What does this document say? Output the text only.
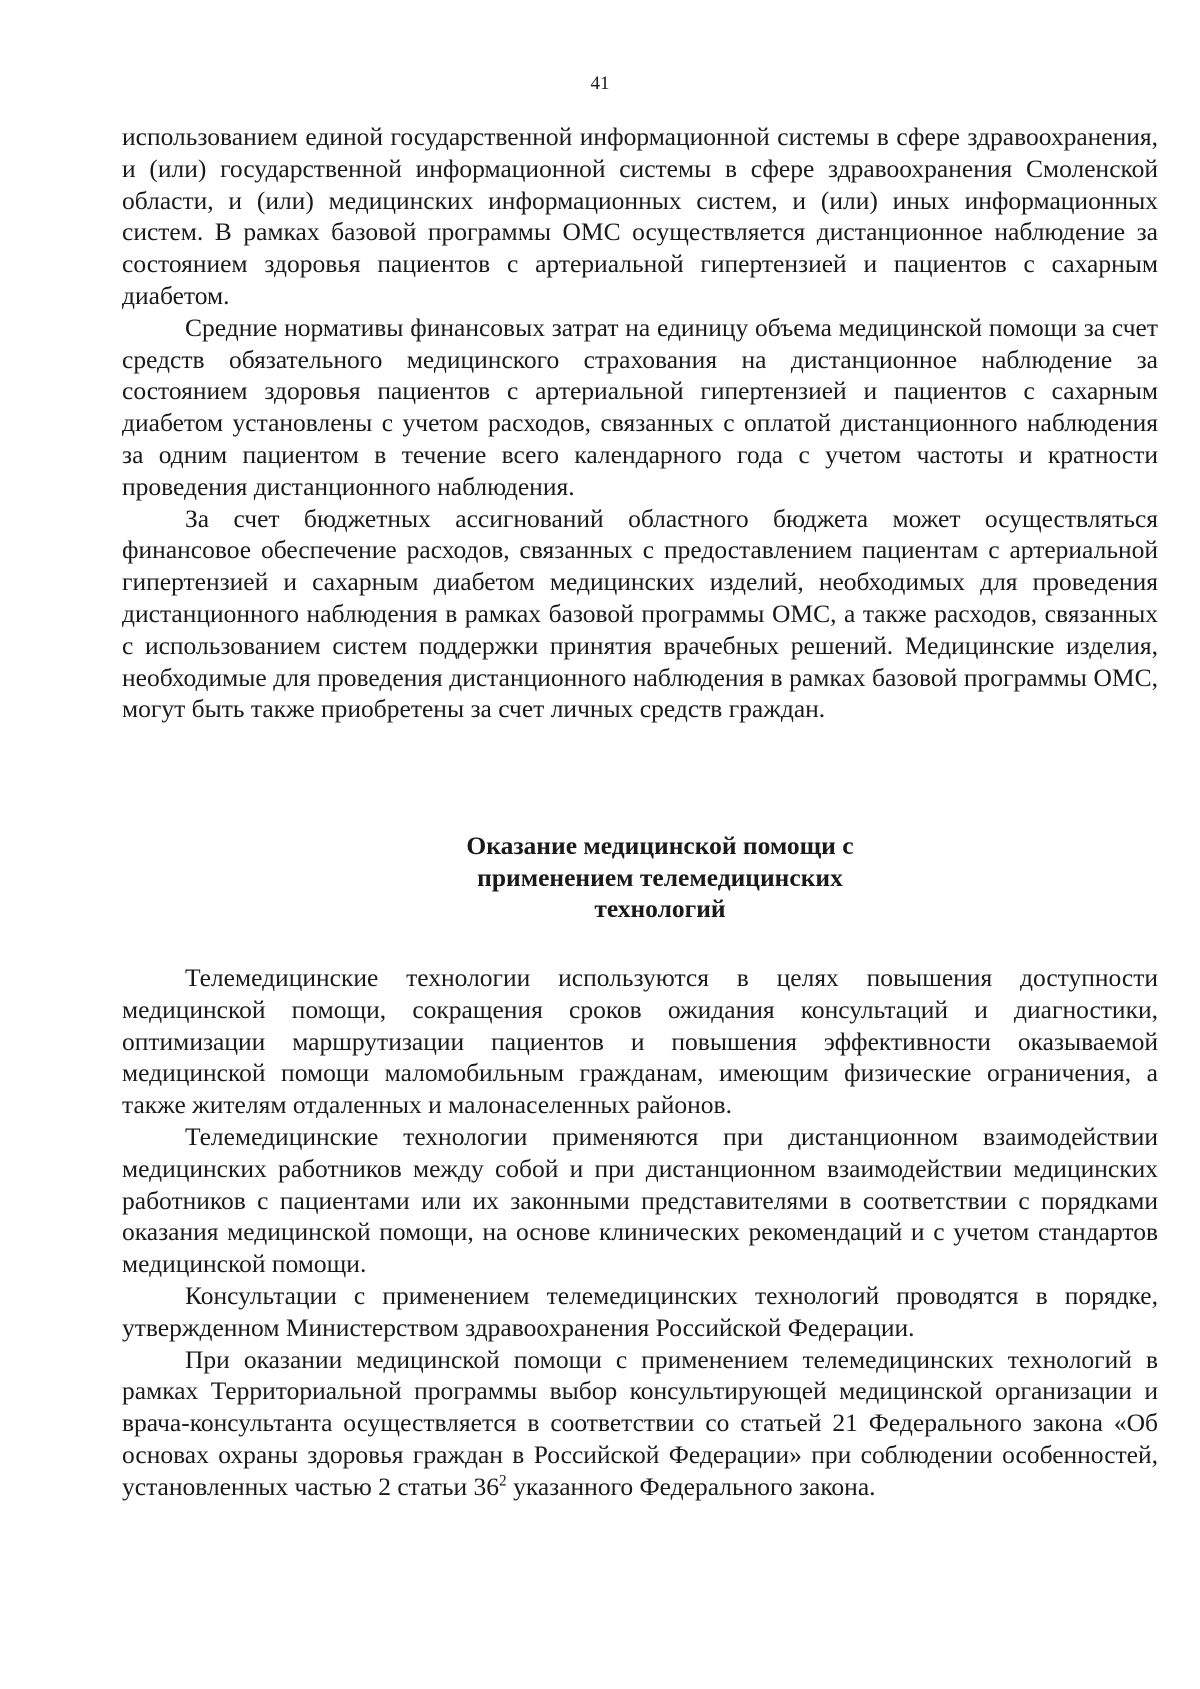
41

использованием единой государственной информационной системы в сфере здравоохранения, и (или) государственной информационной системы в сфере здравоохранения Смоленской области, и (или) медицинских информационных систем, и (или) иных информационных систем. В рамках базовой программы ОМС осуществляется дистанционное наблюдение за состоянием здоровья пациентов с артериальной гипертензией и пациентов с сахарным диабетом.

Средние нормативы финансовых затрат на единицу объема медицинской помощи за счет средств обязательного медицинского страхования на дистанционное наблюдение за состоянием здоровья пациентов с артериальной гипертензией и пациентов с сахарным диабетом установлены с учетом расходов, связанных с оплатой дистанционного наблюдения за одним пациентом в течение всего календарного года с учетом частоты и кратности проведения дистанционного наблюдения.

За счет бюджетных ассигнований областного бюджета может осуществляться финансовое обеспечение расходов, связанных с предоставлением пациентам с артериальной гипертензией и сахарным диабетом медицинских изделий, необходимых для проведения дистанционного наблюдения в рамках базовой программы ОМС, а также расходов, связанных с использованием систем поддержки принятия врачебных решений. Медицинские изделия, необходимые для проведения дистанционного наблюдения в рамках базовой программы ОМС, могут быть также приобретены за счет личных средств граждан.

Оказание медицинской помощи с
применением телемедицинских
технологий

Телемедицинские технологии используются в целях повышения доступности медицинской помощи, сокращения сроков ожидания консультаций и диагностики, оптимизации маршрутизации пациентов и повышения эффективности оказываемой медицинской помощи маломобильным гражданам, имеющим физические ограничения, а также жителям отдаленных и малонаселенных районов.

Телемедицинские технологии применяются при дистанционном взаимодействии медицинских работников между собой и при дистанционном взаимодействии медицинских работников с пациентами или их законными представителями в соответствии с порядками оказания медицинской помощи, на основе клинических рекомендаций и с учетом стандартов медицинской помощи.

Консультации с применением телемедицинских технологий проводятся в порядке, утвержденном Министерством здравоохранения Российской Федерации.

При оказании медицинской помощи с применением телемедицинских технологий в рамках Территориальной программы выбор консультирующей медицинской организации и врача-консультанта осуществляется в соответствии со статьей 21 Федерального закона «Об основах охраны здоровья граждан в Российской Федерации» при соблюдении особенностей, установленных частью 2 статьи $36^2$ указанного Федерального закона.
